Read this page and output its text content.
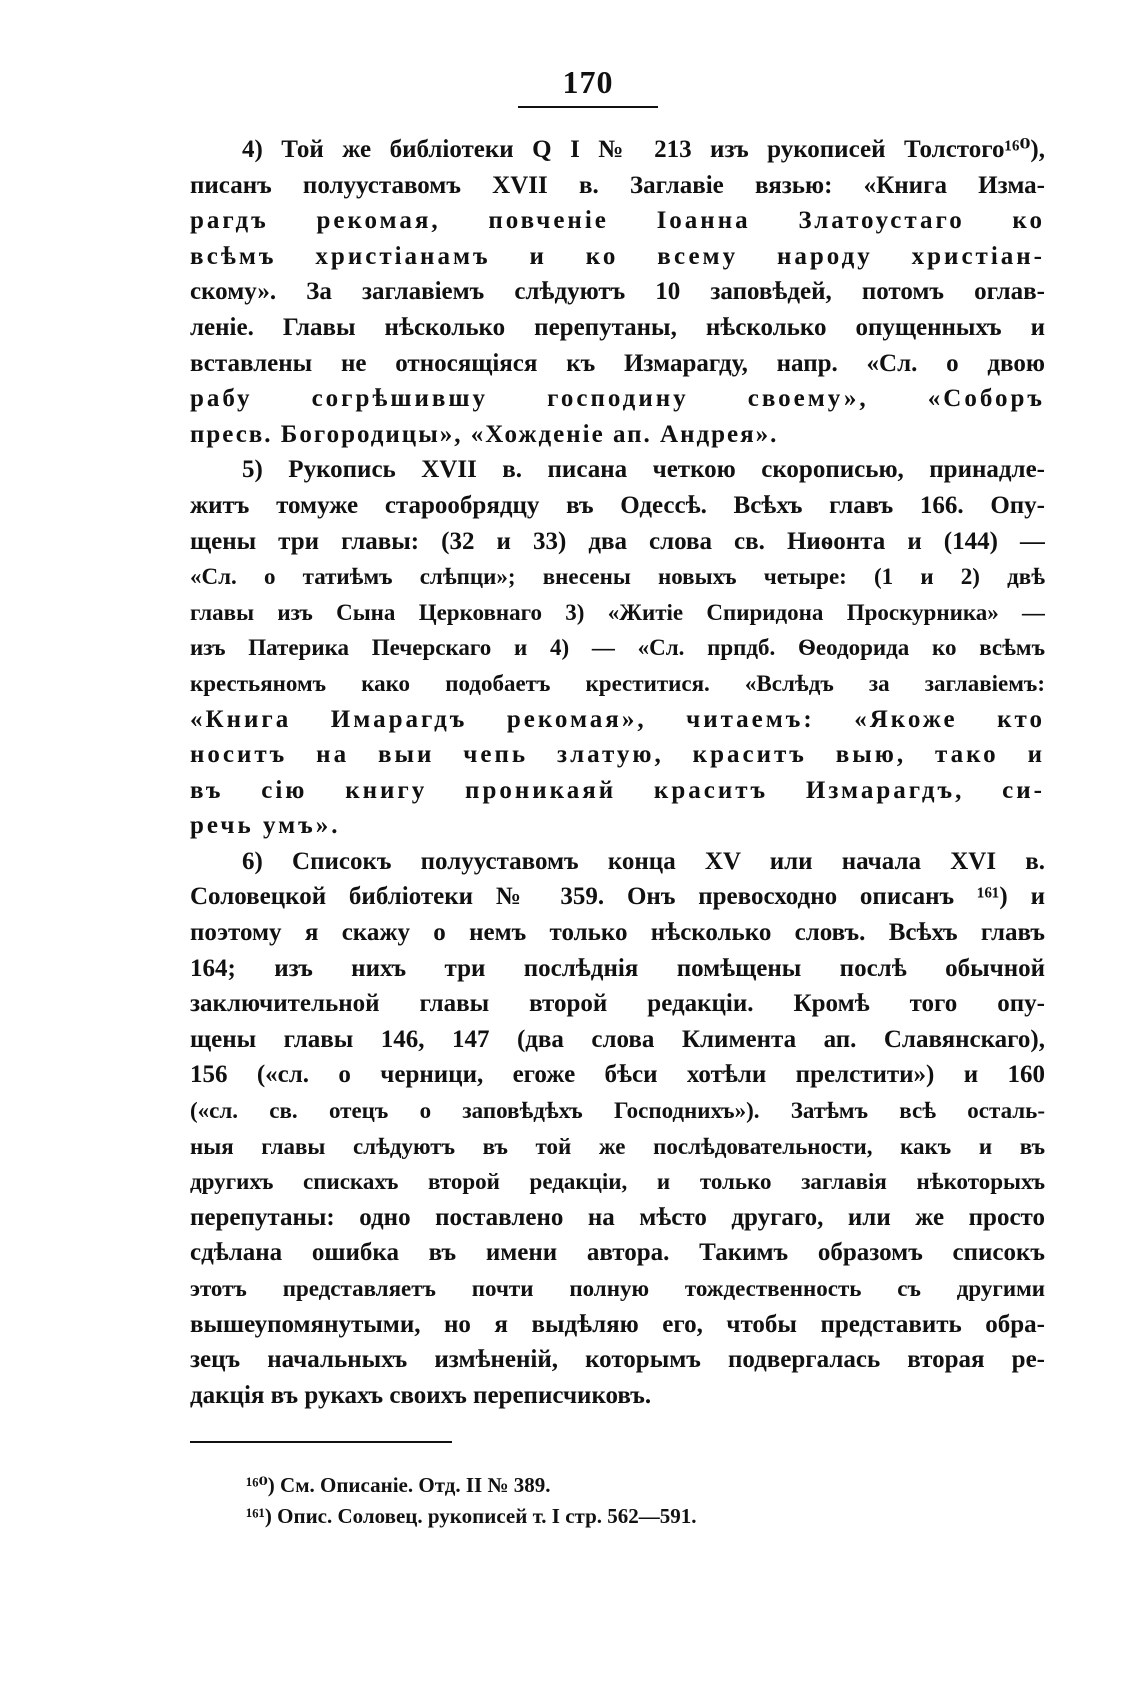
170
4) Той же библіотеки Q I № 213 изъ рукописей Толстого¹⁶⁰),
писанъ полууставомъ XVII в. Заглавіе вязью: «Книга Изма-
рагдъ рекомая, повченіе Іоанна Златоустаго ко
всѣмъ христіанамъ и ко всему народу христіан-
скому». За заглавіемъ слѣдуютъ 10 заповѣдей, потомъ оглав-
леніе. Главы нѣсколько перепутаны, нѣсколько опущенныхъ и
вставлены не относящіяся къ Измарагду, напр. «Сл. о двою
рабу согрѣшившу господину своему», «Соборъ
пресв. Богородицы», «Хожденіе ап. Андрея».
5) Рукопись XVII в. писана четкою скорописью, принадле-
житъ томуже старообрядцу въ Одессѣ. Всѣхъ главъ 166. Опу-
щены три главы: (32 и 33) два слова св. Ниѳонта и (144) —
«Сл. о татиѣмъ слѣпци»; внесены новыхъ четыре: (1 и 2) двѣ
главы изъ Сына Церковнаго 3) «Житіе Спиридона Проскурника» —
изъ Патерика Печерскаго и 4) — «Сл. прпдб. Ѳеодорида ко всѣмъ
крестьяномъ како подобаетъ креститися. «Вслѣдъ за заглавіемъ:
«Книга Имарагдъ рекомая», читаемъ: «Якоже кто
носитъ на выи чепь златую, краситъ выю, тако и
въ сію книгу проникаяй краситъ Измарагдъ, си-
речь умъ».
6) Списокъ полууставомъ конца XV или начала XVI в.
Соловецкой библіотеки № 359. Онъ превосходно описанъ ¹⁶¹) и
поэтому я скажу о немъ только нѣсколько словъ. Всѣхъ главъ
164; изъ нихъ три послѣднія помѣщены послѣ обычной
заключительной главы второй редакціи. Кромѣ того опу-
щены главы 146, 147 (два слова Климента ап. Славянскаго),
156 («сл. о черници, егоже бѣси хотѣли прелстити») и 160
(«сл. св. отецъ о заповѣдѣхъ Господнихъ»). Затѣмъ всѣ осталь-
ныя главы слѣдуютъ въ той же послѣдовательности, какъ и въ
другихъ спискахъ второй редакціи, и только заглавія нѣкоторыхъ
перепутаны: одно поставлено на мѣсто другаго, или же просто
сдѣлана ошибка въ имени автора. Такимъ образомъ списокъ
этотъ представляетъ почти полную тождественность съ другими
вышеупомянутыми, но я выдѣляю его, чтобы представить обра-
зецъ начальныхъ измѣненій, которымъ подвергалась вторая ре-
дакція въ рукахъ своихъ переписчиковъ.
¹⁶⁰) См. Описаніе. Отд. II № 389.
¹⁶¹) Опис. Соловец. рукописей т. I стр. 562—591.
